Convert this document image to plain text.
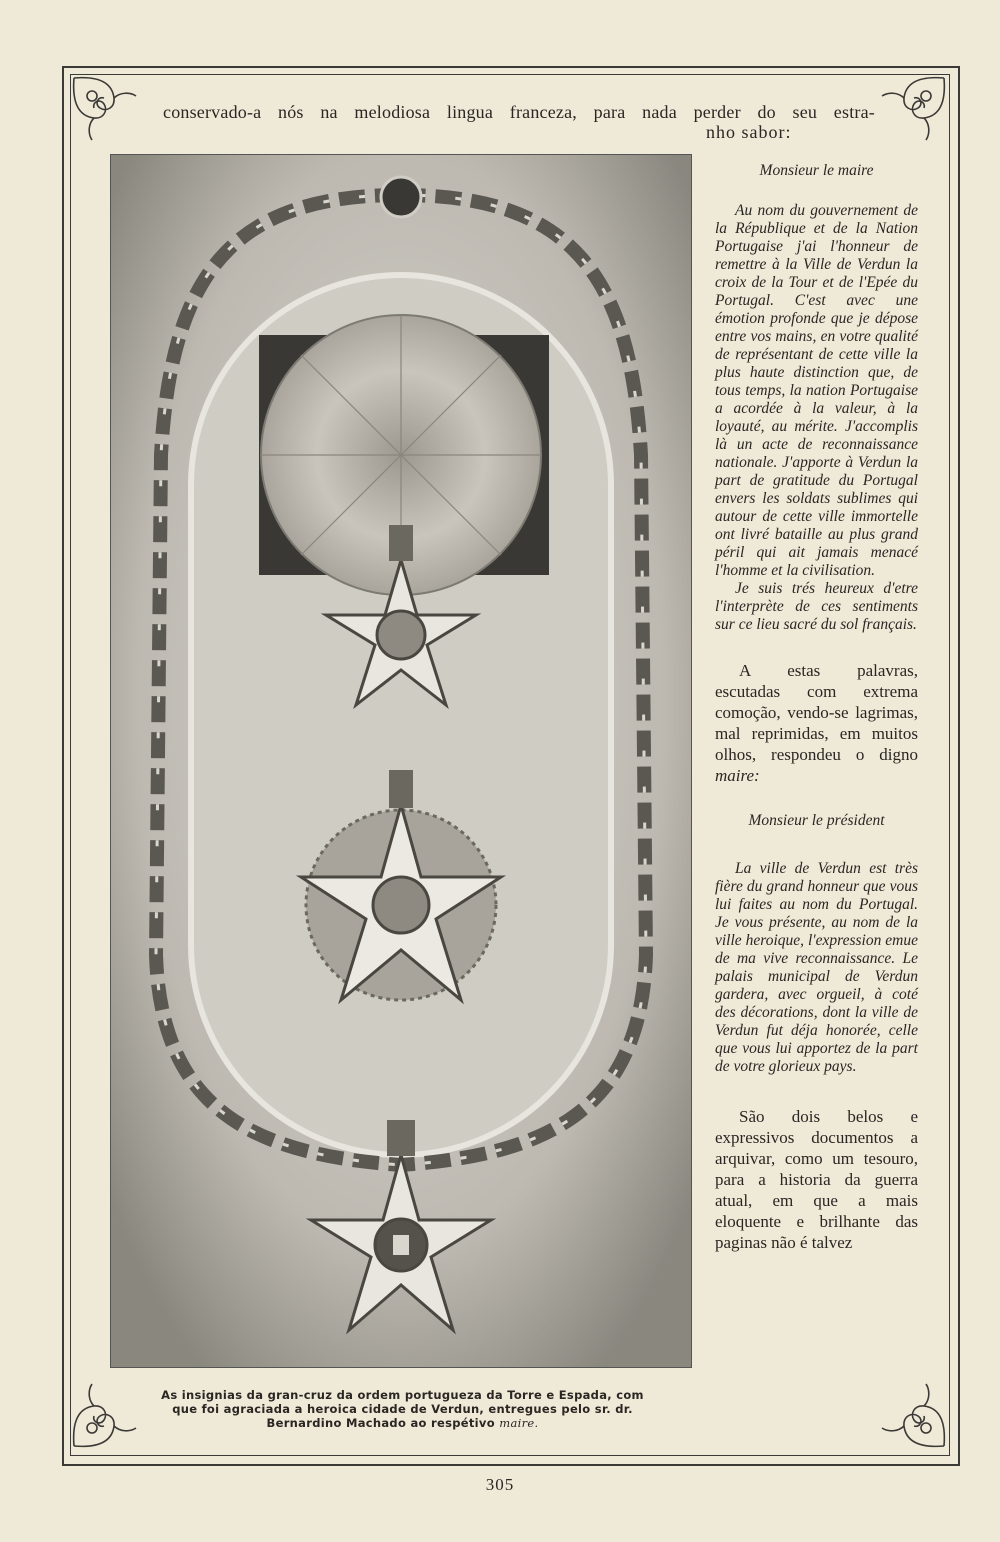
conservado-a nós na melodiosa lingua franceza, para nada perder do seu estra-
nho sabor:
As insignias da gran-cruz da ordem portugueza da Torre e Espada, com que foi agraciada a heroica cidade de Verdun, entregues pelo sr. dr. Bernardino Machado ao respétivo maire.
Monsieur le maire

Au nom du gouvernement de la République et de la Nation Portugaise j'ai l'honneur de remettre à la Ville de Verdun la croix de la Tour et de l'Epée du Portugal. C'est avec une émotion profonde que je dépose entre vos mains, en votre qualité de représentant de cette ville la plus haute distinction que, de tous temps, la nation Portugaise a acordée à la valeur, à la loyauté, au mérite. J'accomplis là un acte de reconnaissance nationale. J'apporte à Verdun la part de gratitude du Portugal envers les soldats sublimes qui autour de cette ville immortelle ont livré bataille au plus grand péril qui ait jamais menacé l'homme et la civilisation.

Je suis trés heureux d'etre l'interprète de ces sentiments sur ce lieu sacré du sol français.

A estas palavras, escutadas com extrema comoção, vendo-se lagrimas, mal reprimidas, em muitos olhos, respondeu o digno maire:

Monsieur le président

La ville de Verdun est très fière du grand honneur que vous lui faites au nom du Portugal. Je vous présente, au nom de la ville heroique, l'expression emue de ma vive reconnaissance. Le palais municipal de Verdun gardera, avec orgueil, à coté des décorations, dont la ville de Verdun fut déja honorée, celle que vous lui apportez de la part de votre glorieux pays.

São dois belos e expressivos documentos a arquivar, como um tesouro, para a historia da guerra atual, em que a mais eloquente e brilhante das paginas não é talvez

305
